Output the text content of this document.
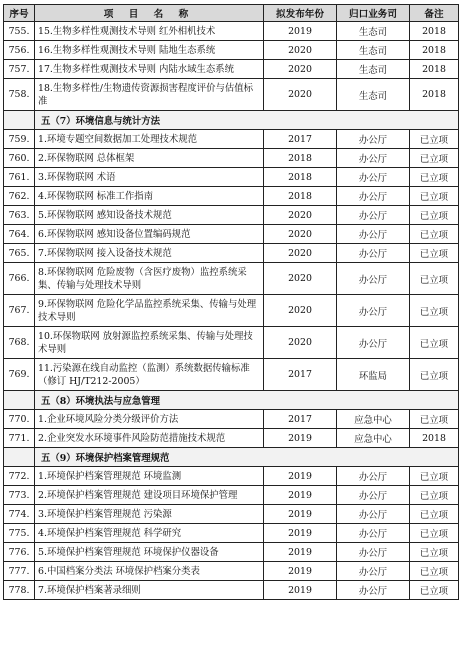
序号	项 目 名 称	拟发布年份	归口业务司	备注
755.	15.生物多样性观测技术导则 红外相机技术	2019	生态司	2018
756.	16.生物多样性观测技术导则 陆地生态系统	2020	生态司	2018
757.	17.生物多样性观测技术导则 内陆水域生态系统	2020	生态司	2018
758.	18.生物多样性/生物遗传资源损害程度评价与估值标准	2020	生态司	2018
	五（7）环境信息与统计方法			
759.	1.环境专题空间数据加工处理技术规范	2017	办公厅	已立项
760.	2.环保物联网 总体框架	2018	办公厅	已立项
761.	3.环保物联网 术语	2018	办公厅	已立项
762.	4.环保物联网 标准工作指南	2018	办公厅	已立项
763.	5.环保物联网 感知设备技术规范	2020	办公厅	已立项
764.	6.环保物联网 感知设备位置编码规范	2020	办公厅	已立项
765.	7.环保物联网 接入设备技术规范	2020	办公厅	已立项
766.	8.环保物联网 危险废物（含医疗废物）监控系统采集、传输与处理技术导则	2020	办公厅	已立项
767.	9.环保物联网 危险化学品监控系统采集、传输与处理技术导则	2020	办公厅	已立项
768.	10.环保物联网 放射源监控系统采集、传输与处理技术导则	2020	办公厅	已立项
769.	11.污染源在线自动监控（监测）系统数据传输标准（修订 HJ/T212-2005）	2017	环监局	已立项
	五（8）环境执法与应急管理			
770.	1.企业环境风险分类分级评价方法	2017	应急中心	已立项
771.	2.企业突发水环境事件风险防范措施技术规范	2019	应急中心	2018
	五（9）环境保护档案管理规范			
772.	1.环境保护档案管理规范 环境监测	2019	办公厅	已立项
773.	2.环境保护档案管理规范 建设项目环境保护管理	2019	办公厅	已立项
774.	3.环境保护档案管理规范 污染源	2019	办公厅	已立项
775.	4.环境保护档案管理规范 科学研究	2019	办公厅	已立项
776.	5.环境保护档案管理规范 环境保护仪器设备	2019	办公厅	已立项
777.	6.中国档案分类法 环境保护档案分类表	2019	办公厅	已立项
778.	7.环境保护档案著录细则	2019	办公厅	已立项
